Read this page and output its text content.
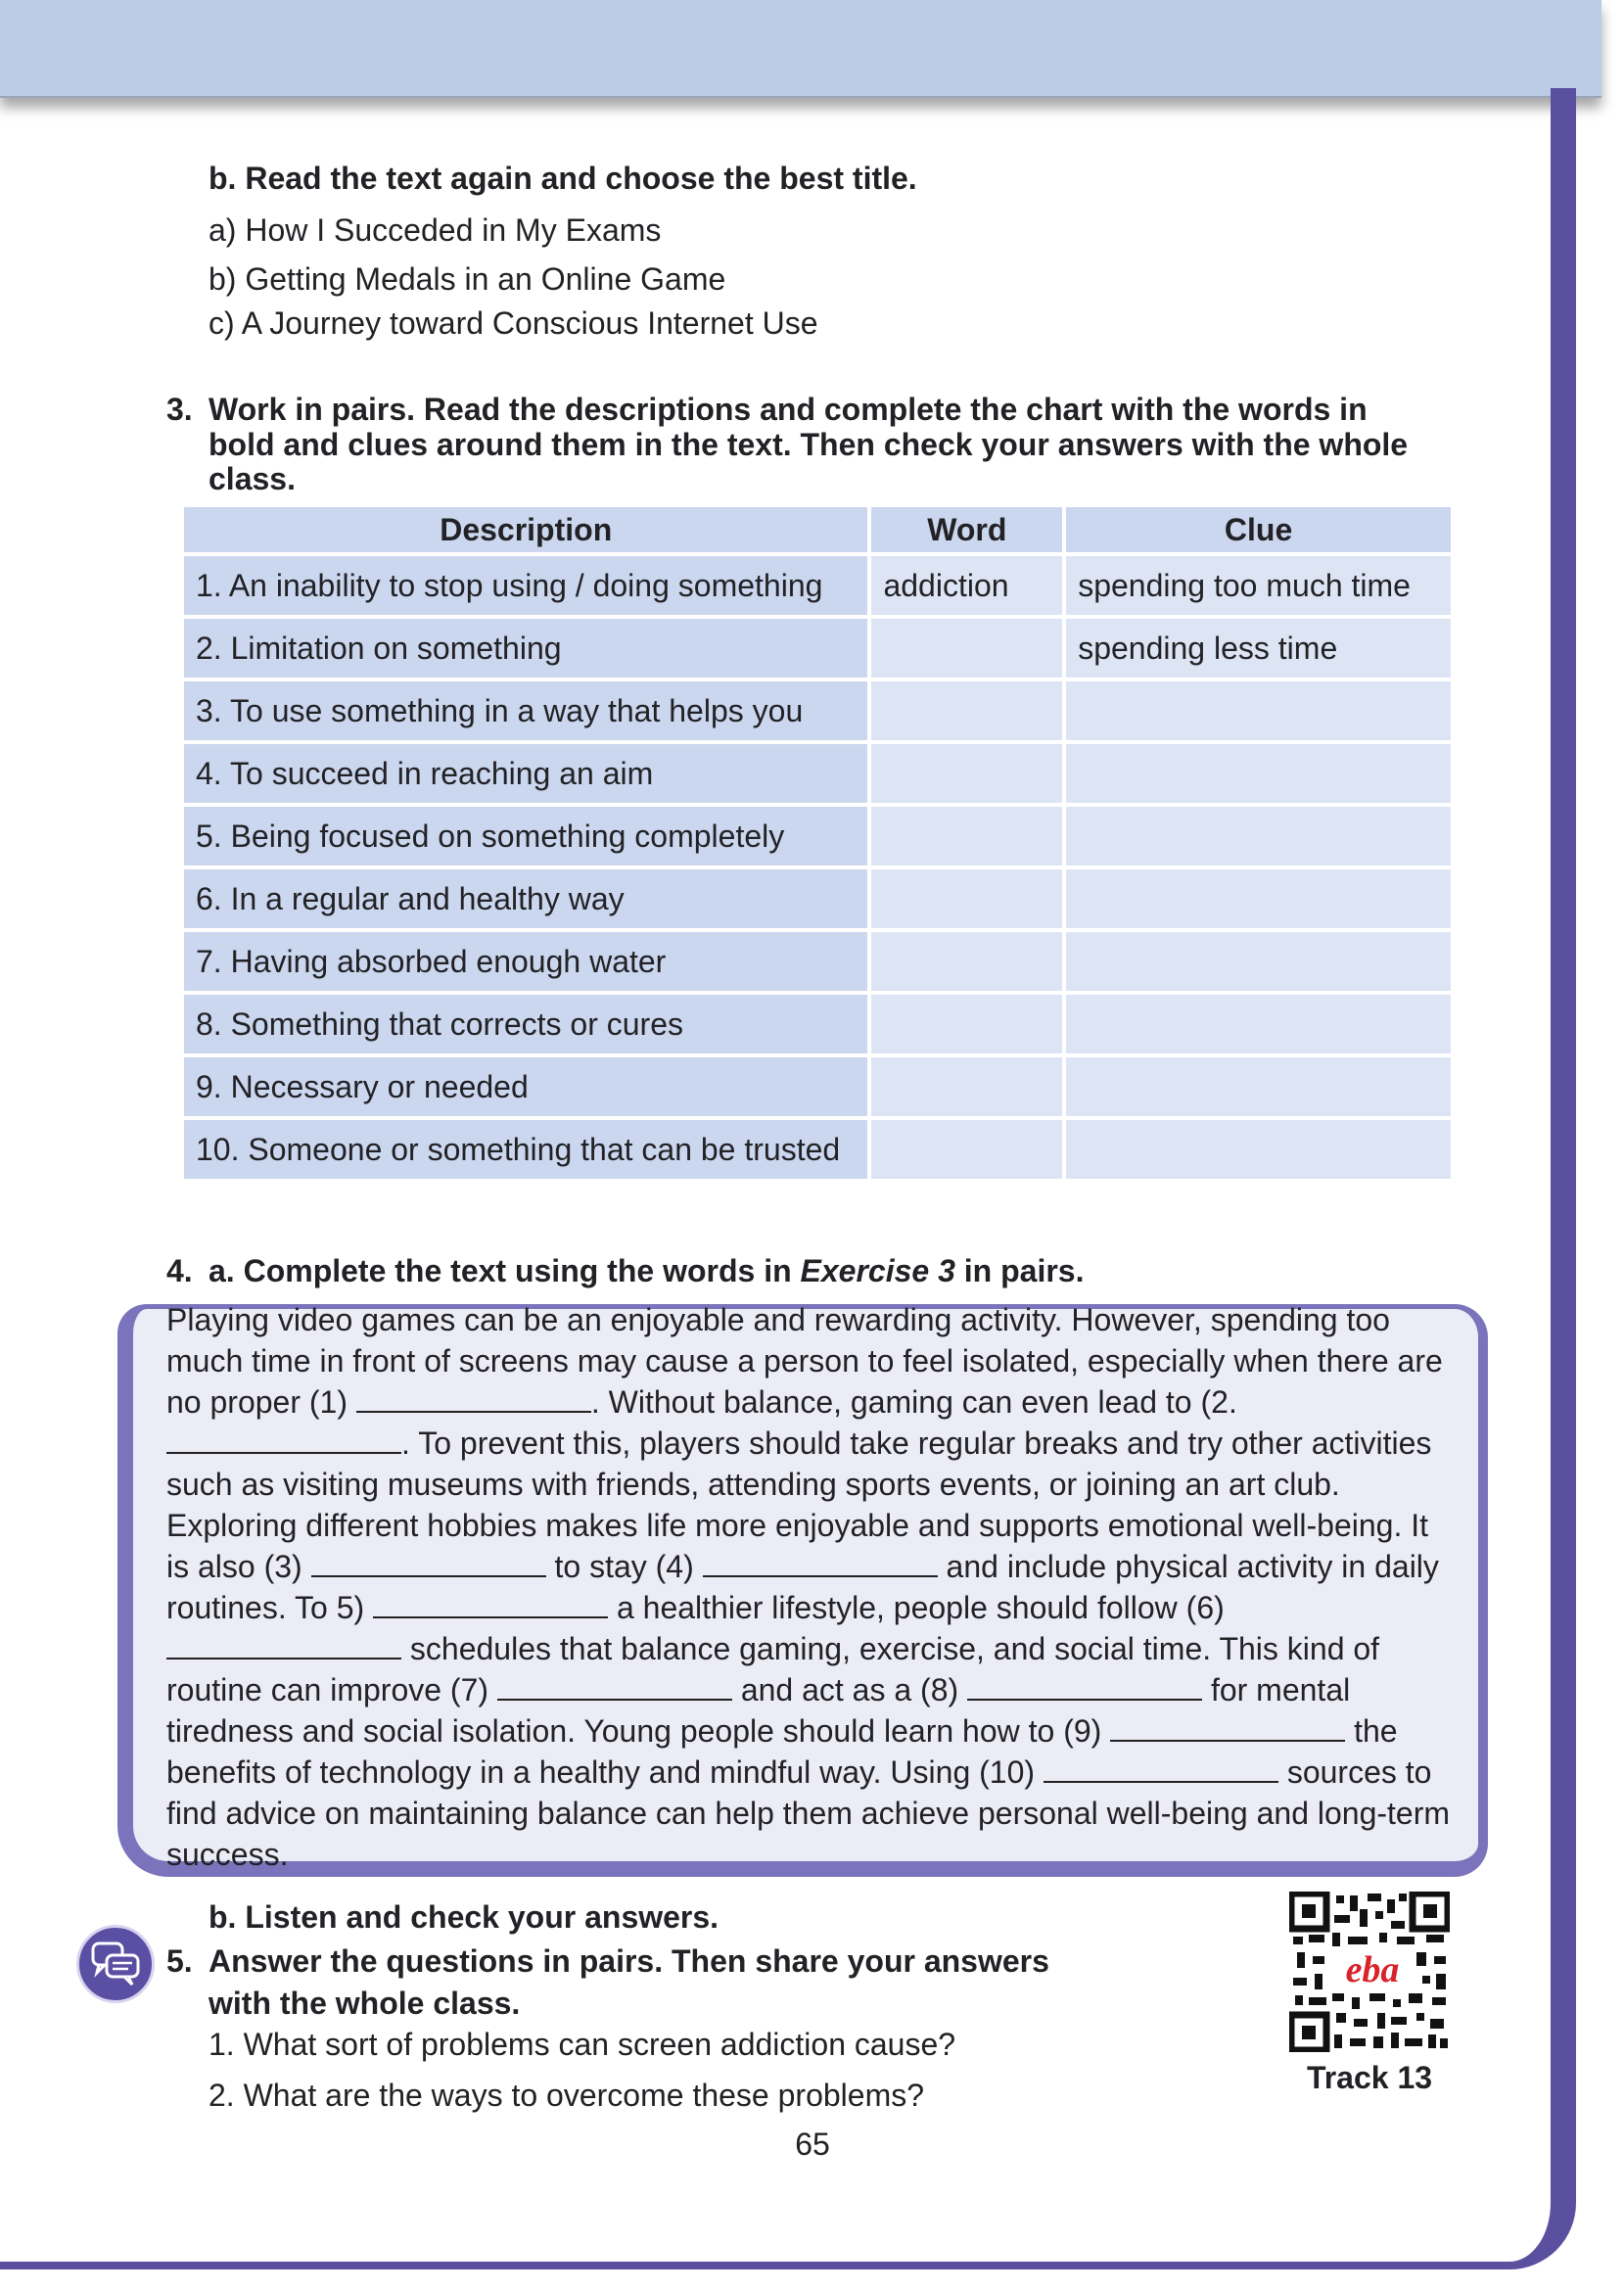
b. Read the text again and choose the best title.
a) How I Succeded in My Exams
b) Getting Medals in an Online Game
c) A Journey toward Conscious Internet Use
3. Work in pairs. Read the descriptions and complete the chart with the words in
bold and clues around them in the text. Then check your answers with the whole
class.
Description	Word	Clue
1. An inability to stop using / doing something	addiction	spending too much time
2. Limitation on something		spending less time
3. To use something in a way that helps you		
4. To succeed in reaching an aim		
5. Being focused on something completely		
6. In a regular and healthy way		
7. Having absorbed enough water		
8. Something that corrects or cures		
9. Necessary or needed		
10. Someone or something that can be trusted		
4. a. Complete the text using the words in Exercise 3 in pairs.
Playing video games can be an enjoyable and rewarding activity. However, spending too much time in front of screens may cause a person to feel isolated, especially when there are no proper (1)	. Without balance, gaming can even lead to (2. . To prevent this, players should take regular breaks and try other activities such as visiting museums with friends, attending sports events, or joining an art club. Exploring different hobbies makes life more enjoyable and supports emotional well-being. It is also (3)	to stay (4)	and include physical activity in daily routines. To 5)	a healthier lifestyle, people should follow (6)  schedules that balance gaming, exercise, and social time. This kind of routine can improve (7)	and act as a (8)	for mental tiredness and social isolation. Young people should learn how to (9)	the benefits of technology in a healthy and mindful way. Using (10)	sources to find advice on maintaining balance can help them achieve personal well-being and long-term success.
b. Listen and check your answers.
5. Answer the questions in pairs. Then share your answers
with the whole class.
1. What sort of problems can screen addiction cause?
2. What are the ways to overcome these problems?
eba
Track 13
65
